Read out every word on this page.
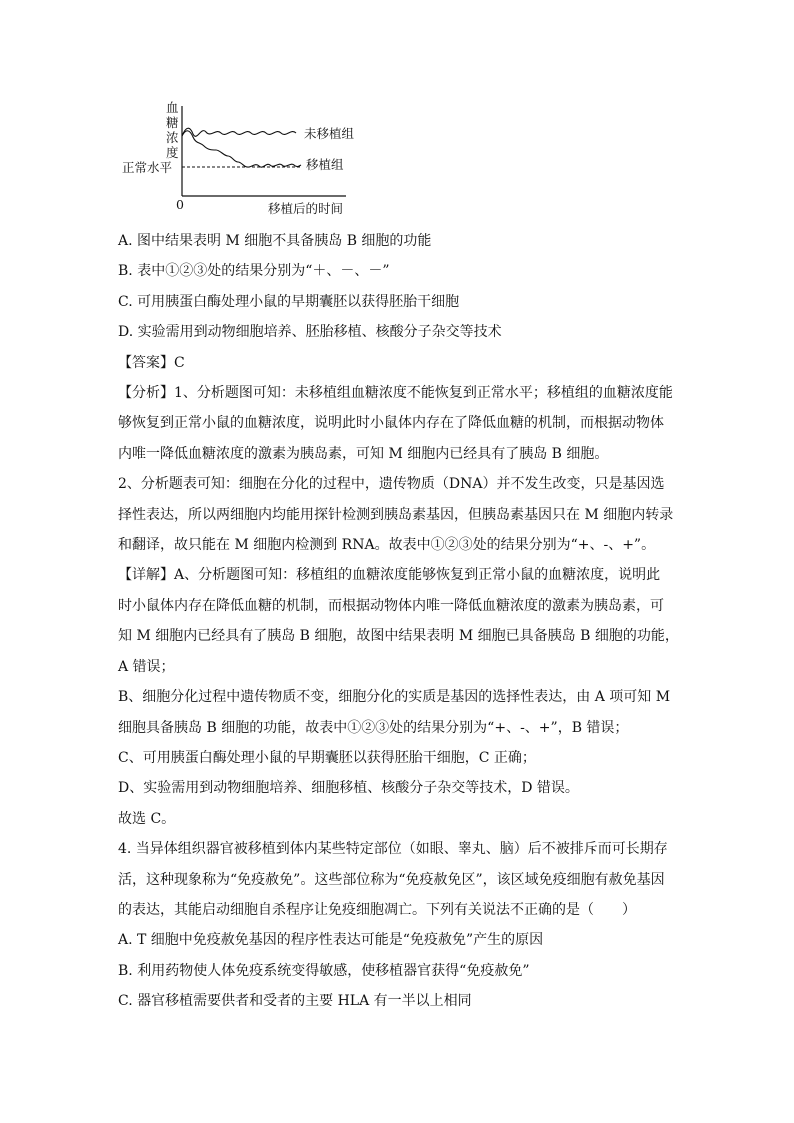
血
糖
浓
度
正常水平
未移植组
移植组
0	移植后的时间

A. 图中结果表明 M 细胞不具备胰岛 B 细胞的功能

B. 表中①②③处的结果分别为“＋、－、－”

C. 可用胰蛋白酶处理小鼠的早期囊胚以获得胚胎干细胞

D. 实验需用到动物细胞培养、胚胎移植、核酸分子杂交等技术

【答案】C

【分析】1、分析题图可知：未移植组血糖浓度不能恢复到正常水平；移植组的血糖浓度能

够恢复到正常小鼠的血糖浓度，说明此时小鼠体内存在了降低血糖的机制，而根据动物体

内唯一降低血糖浓度的激素为胰岛素，可知 M 细胞内已经具有了胰岛 B 细胞。

2、分析题表可知：细胞在分化的过程中，遗传物质（DNA）并不发生改变，只是基因选

择性表达，所以两细胞内均能用探针检测到胰岛素基因，但胰岛素基因只在 M 细胞内转录

和翻译，故只能在 M 细胞内检测到 RNA。故表中①②③处的结果分别为“+、-、+”。

【详解】A、分析题图可知：移植组的血糖浓度能够恢复到正常小鼠的血糖浓度，说明此

时小鼠体内存在降低血糖的机制，而根据动物体内唯一降低血糖浓度的激素为胰岛素，可

知 M 细胞内已经具有了胰岛 B 细胞，故图中结果表明 M 细胞已具备胰岛 B 细胞的功能，

A 错误；

B、细胞分化过程中遗传物质不变，细胞分化的实质是基因的选择性表达，由 A 项可知 M

细胞具备胰岛 B 细胞的功能，故表中①②③处的结果分别为“+、-、+”，B 错误；

C、可用胰蛋白酶处理小鼠的早期囊胚以获得胚胎干细胞，C 正确；

D、实验需用到动物细胞培养、细胞移植、核酸分子杂交等技术，D 错误。

故选 C。

4. 当异体组织器官被移植到体内某些特定部位（如眼、睾丸、脑）后不被排斥而可长期存

活，这种现象称为“免疫赦免”。这些部位称为“免疫赦免区”，该区域免疫细胞有赦免基因

的表达，其能启动细胞自杀程序让免疫细胞凋亡。下列有关说法不正确的是（　　）

A. T 细胞中免疫赦免基因的程序性表达可能是“免疫赦免”产生的原因

B. 利用药物使人体免疫系统变得敏感，使移植器官获得“免疫赦免”

C. 器官移植需要供者和受者的主要 HLA 有一半以上相同
